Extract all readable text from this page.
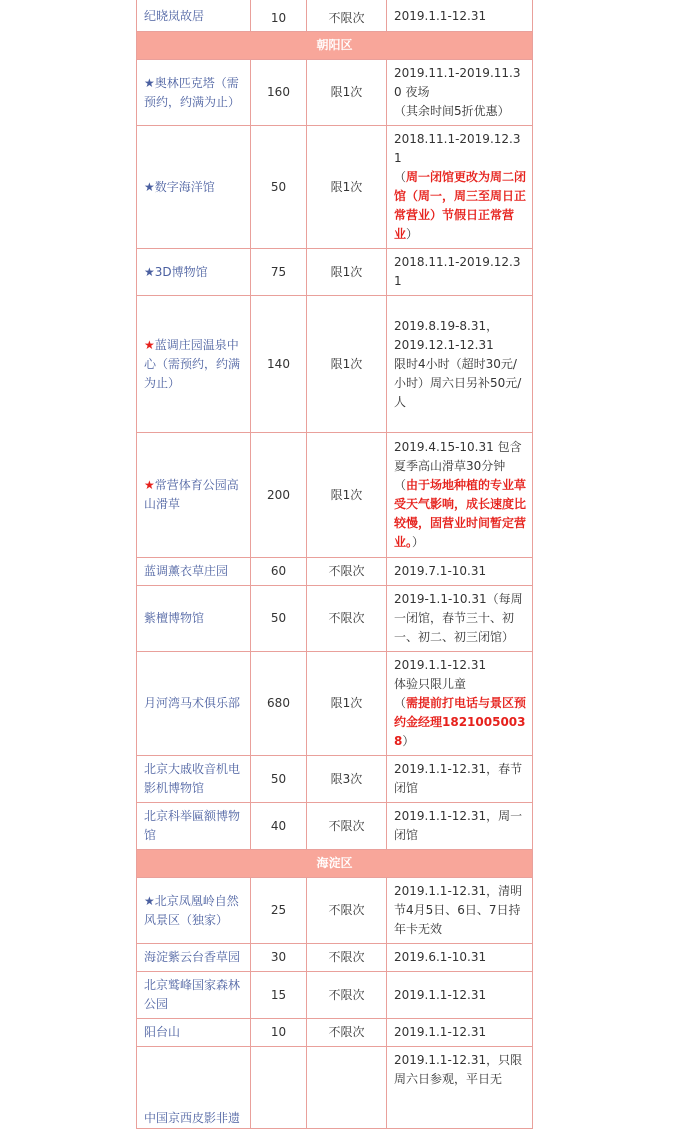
纪晓岚故居	10	不限次	2019.1.1-12.31
朝阳区			
★奥林匹克塔（需预约，约满为止）	160	限1次	2019.11.1-2019.11.30 夜场
（其余时间5折优惠）
★数字海洋馆	50	限1次	2018.11.1-2019.12.31
（周一闭馆更改为周二闭馆（周一，周三至周日正常营业）节假日正常营业）
★3D博物馆	75	限1次	2018.11.1-2019.12.31
★蓝调庄园温泉中心（需预约，约满为止）	140	限1次	2019.8.19-8.31，
2019.12.1-12.31
限时4小时（超时30元/小时）周六日另补50元/人
★常营体育公园高山滑草	200	限1次	2019.4.15-10.31 包含夏季高山滑草30分钟（由于场地种植的专业草受天气影响，成长速度比较慢，固营业时间暂定营业。）
蓝调薰衣草庄园	60	不限次	2019.7.1-10.31
紫檀博物馆	50	不限次	2019-1.1-10.31（每周一闭馆，春节三十、初一、初二、初三闭馆）
月河湾马术俱乐部	680	限1次	2019.1.1-12.31
体验只限儿童
（需提前打电话与景区预约金经理18210050038）
北京大戚收音机电影机博物馆	50	限3次	2019.1.1-12.31，春节闭馆
北京科举匾额博物馆	40	不限次	2019.1.1-12.31，周一闭馆
海淀区			
★北京凤凰岭自然风景区（独家）	25	不限次	2019.1.1-12.31，清明节4月5日、6日、7日持年卡无效
海淀紫云台香草园	30	不限次	2019.6.1-10.31
北京鹫峰国家森林公园	15	不限次	2019.1.1-12.31
阳台山	10	不限次	2019.1.1-12.31
中国京西皮影非遗			2019.1.1-12.31，只限周六日参观，平日无
